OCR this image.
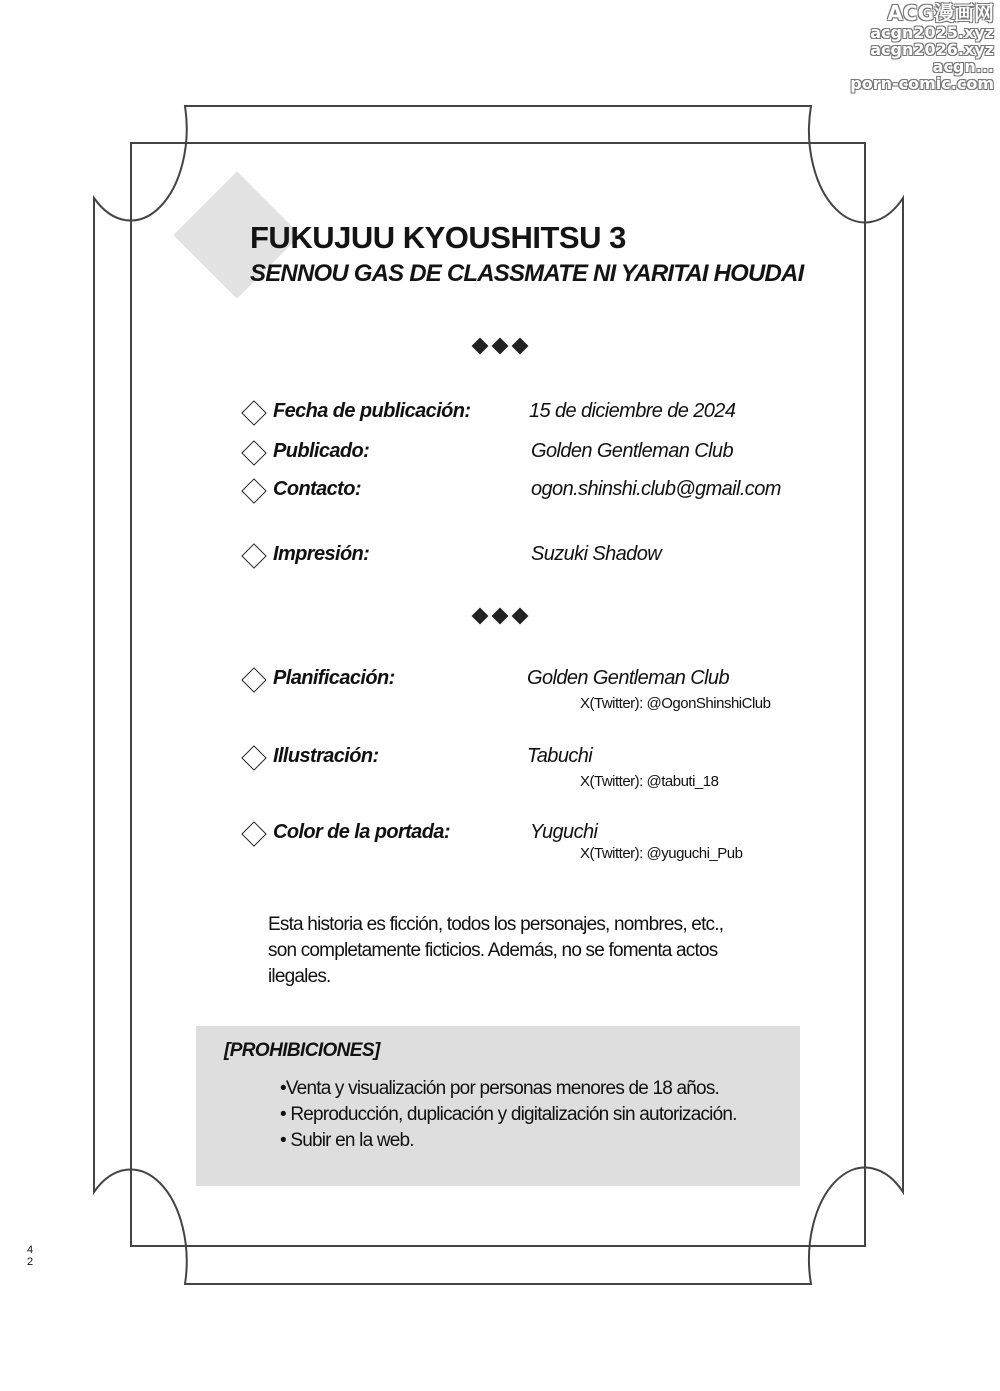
ACG漫画网
acgn2025.xyz
acgn2026.xyz
acgn...
porn-comic.com
FUKUJUU KYOUSHITSU 3
SENNOU GAS DE CLASSMATE NI YARITAI HOUDAI
Fecha de publicación:	15 de diciembre de 2024
Publicado:	Golden Gentleman Club
Contacto:	ogon.shinshi.club@gmail.com
Impresión:	Suzuki Shadow
Planificación:	Golden Gentleman Club
X(Twitter): @OgonShinshiClub
Illustración:	Tabuchi
X(Twitter): @tabuti_18
Color de la portada:	Yuguchi
X(Twitter): @yuguchi_Pub
Esta historia es ficción, todos los personajes, nombres, etc.,
son completamente ficticios. Además, no se fomenta actos
ilegales.
[PROHIBICIONES]
•Venta y visualización por personas menores de 18 años.
• Reproducción, duplicación y digitalización sin autorización.
• Subir en la web.
4
2
